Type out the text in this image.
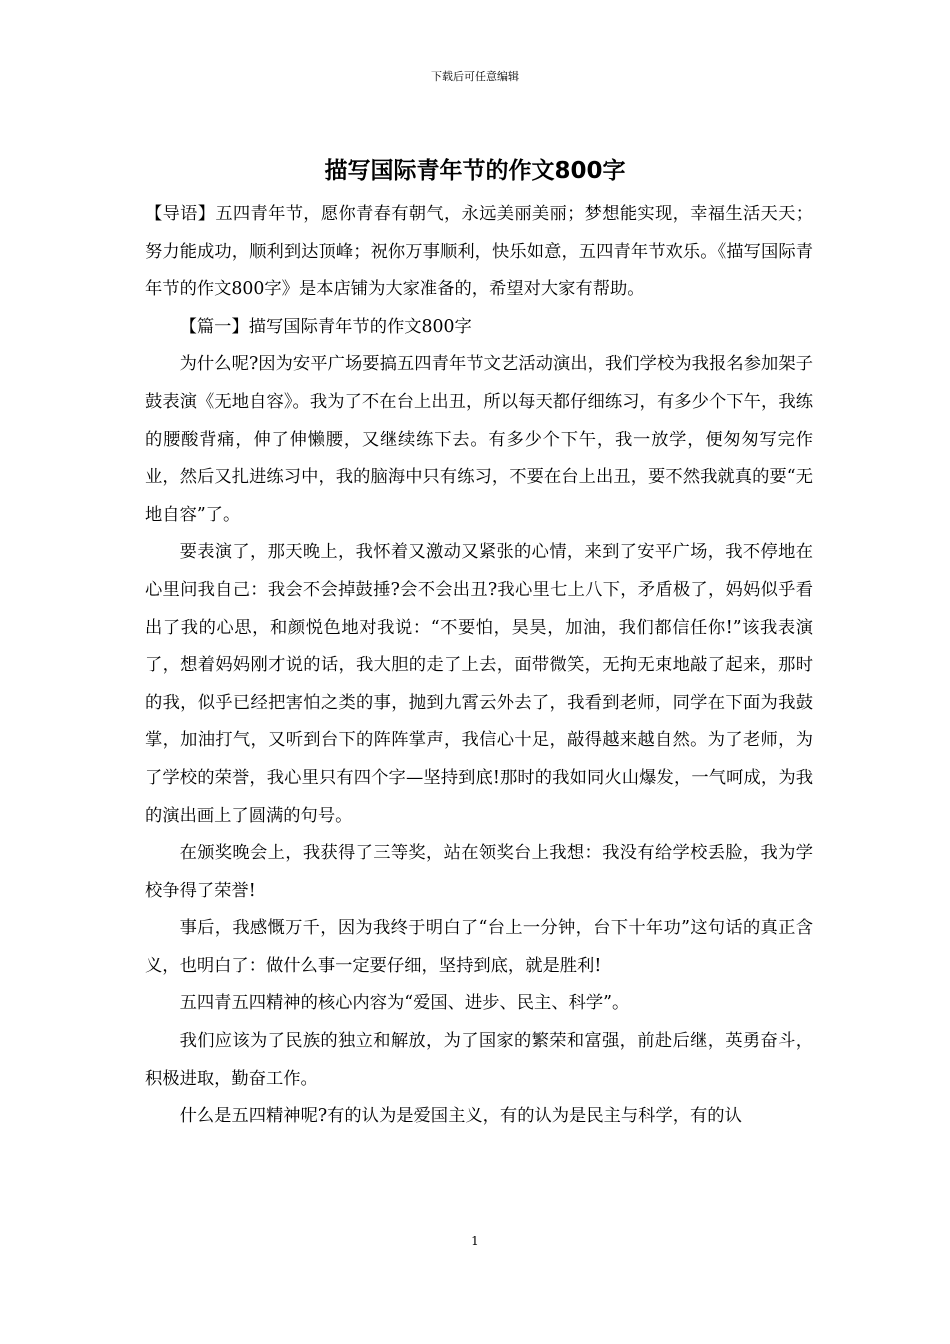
下载后可任意编辑
描写国际青年节的作文800字

【导语】五四青年节，愿你青春有朝气，永远美丽美丽；梦想能实现，幸福生活天天；努力能成功，顺利到达顶峰；祝你万事顺利，快乐如意，五四青年节欢乐。《描写国际青年节的作文800字》是本店铺为大家准备的，希望对大家有帮助。

【篇一】描写国际青年节的作文800字

为什么呢?因为安平广场要搞五四青年节文艺活动演出，我们学校为我报名参加架子鼓表演《无地自容》。我为了不在台上出丑，所以每天都仔细练习，有多少个下午，我练的腰酸背痛，伸了伸懒腰，又继续练下去。有多少个下午，我一放学，便匆匆写完作业，然后又扎进练习中，我的脑海中只有练习，不要在台上出丑，要不然我就真的要“无地自容”了。

要表演了，那天晚上，我怀着又激动又紧张的心情，来到了安平广场，我不停地在心里问我自己：我会不会掉鼓捶?会不会出丑?我心里七上八下，矛盾极了，妈妈似乎看出了我的心思，和颜悦色地对我说：“不要怕，昊昊，加油，我们都信任你!”该我表演了，想着妈妈刚才说的话，我大胆的走了上去，面带微笑，无拘无束地敲了起来，那时的我，似乎已经把害怕之类的事，抛到九霄云外去了，我看到老师，同学在下面为我鼓掌，加油打气，又听到台下的阵阵掌声，我信心十足，敲得越来越自然。为了老师，为了学校的荣誉，我心里只有四个字—坚持到底!那时的我如同火山爆发，一气呵成，为我的演出画上了圆满的句号。

在颁奖晚会上，我获得了三等奖，站在领奖台上我想：我没有给学校丢脸，我为学校争得了荣誉!

事后，我感慨万千，因为我终于明白了“台上一分钟，台下十年功”这句话的真正含义，也明白了：做什么事一定要仔细，坚持到底，就是胜利!

五四青五四精神的核心内容为“爱国、进步、民主、科学”。

我们应该为了民族的独立和解放，为了国家的繁荣和富强，前赴后继，英勇奋斗，积极进取，勤奋工作。

什么是五四精神呢?有的认为是爱国主义，有的认为是民主与科学，有的认

1
